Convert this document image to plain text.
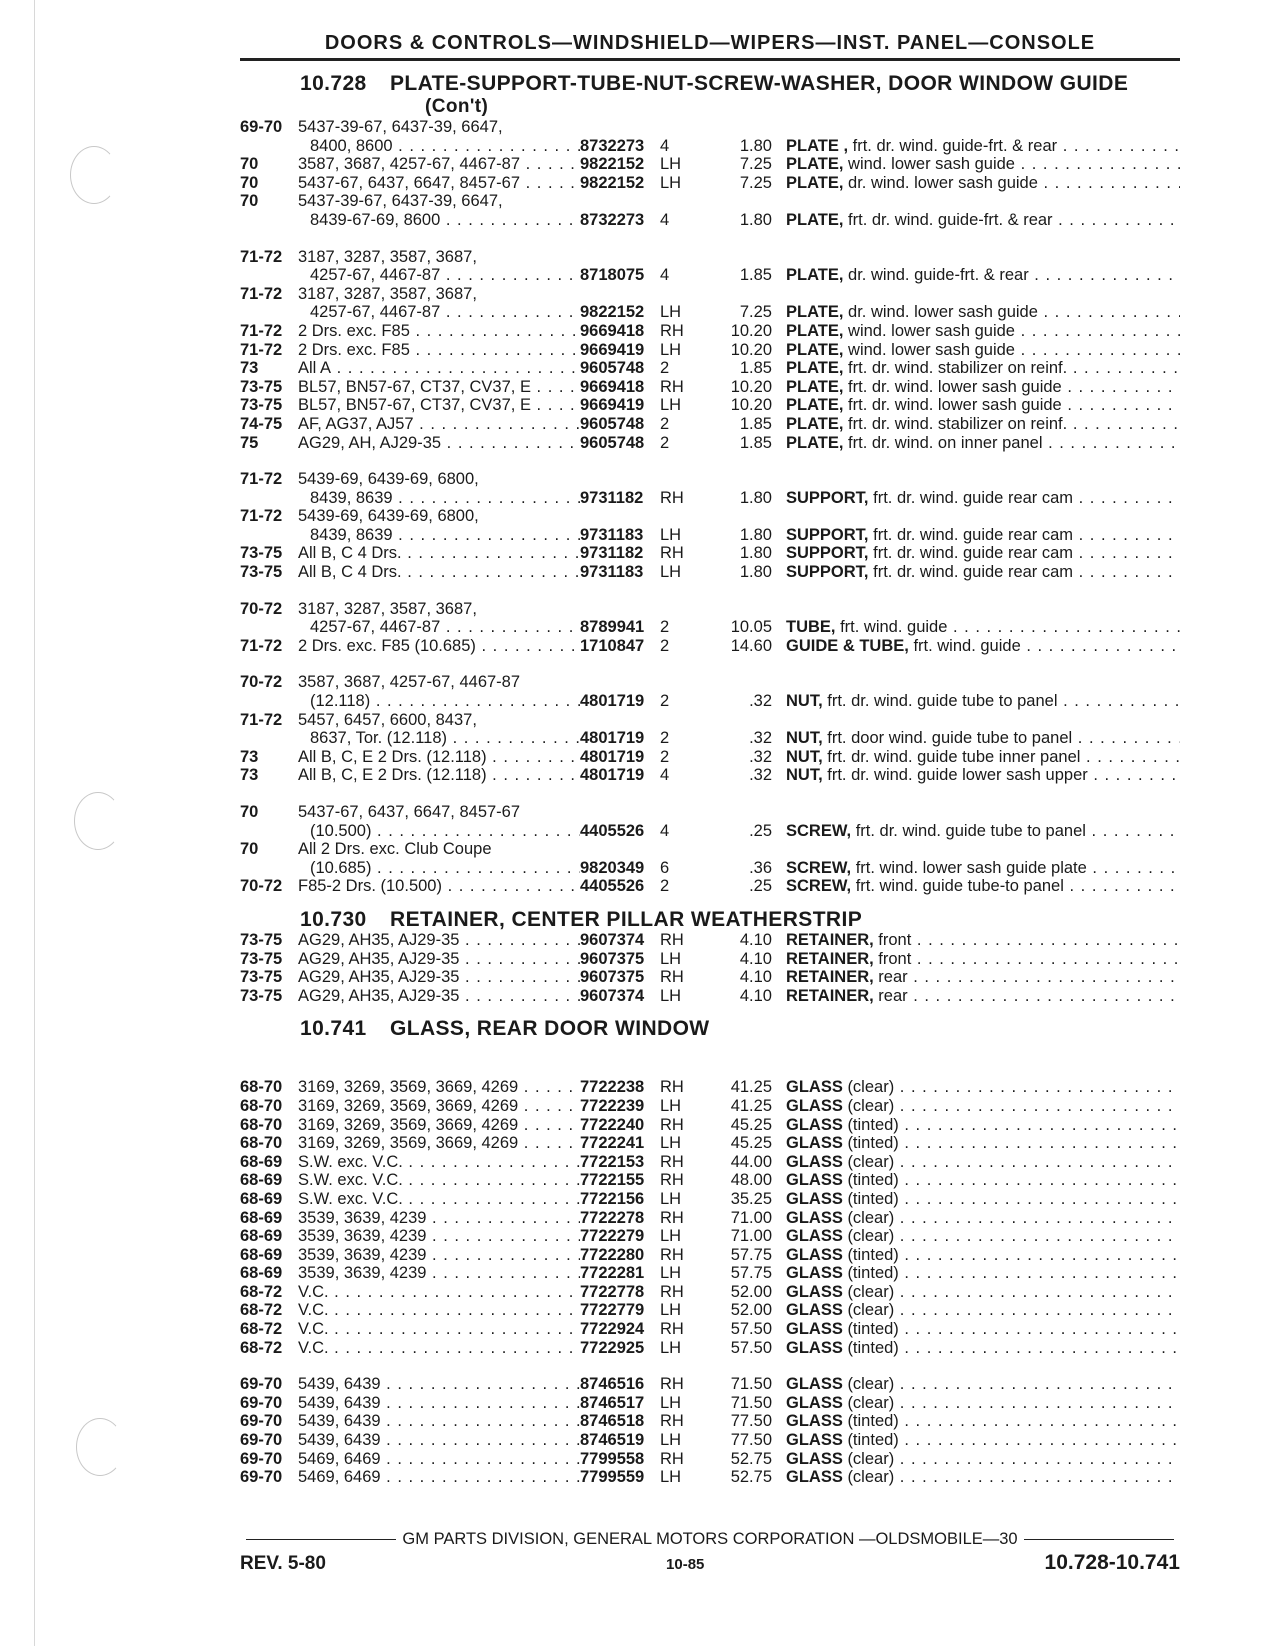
DOORS & CONTROLS—WINDSHIELD—WIPERS—INST. PANEL—CONSOLE
10.728 PLATE-SUPPORT-TUBE-NUT-SCREW-WASHER, DOOR WINDOW GUIDE
(Con't)
69-70 5437-39-67, 6437-39, 6647,
8400, 8600 . . .	8732273 4	1.80 PLATE , frt. dr. wind. guide-frt. & rear . . .
70	3587, 3687, 4257-67, 4467-87 . . .	9822152 LH	7.25 PLATE, wind. lower sash guide . . .
70	5437-67, 6437, 6647, 8457-67 . . .	9822152 LH	7.25 PLATE, dr. wind. lower sash guide . . .
70	5437-39-67, 6437-39, 6647,
8439-67-69, 8600 . . .	8732273 4	1.80 PLATE, frt. dr. wind. guide-frt. & rear . . .
71-72 3187, 3287, 3587, 3687,
4257-67, 4467-87 . . .	8718075 4	1.85 PLATE, dr. wind. guide-frt. & rear . . .
71-72 3187, 3287, 3587, 3687,
4257-67, 4467-87 . . .	9822152 LH	7.25 PLATE, dr. wind. lower sash guide . . .
71-72 2 Drs. exc. F85 . . .	9669418 RH	10.20 PLATE, wind. lower sash guide . . .
71-72 2 Drs. exc. F85 . . .	9669419 LH	10.20 PLATE, wind. lower sash guide . . .
73	All A . . .	9605748 2	1.85 PLATE, frt. dr. wind. stabilizer on reinf. . . .
73-75 BL57, BN57-67, CT37, CV37, E . . .	9669418 RH	10.20 PLATE, frt. dr. wind. lower sash guide . . .
73-75 BL57, BN57-67, CT37, CV37, E . . .	9669419 LH	10.20 PLATE, frt. dr. wind. lower sash guide . . .
74-75 AF, AG37, AJ57 . . .	9605748 2	1.85 PLATE, frt. dr. wind. stabilizer on reinf. . . .
75	AG29, AH, AJ29-35 . . .	9605748 2	1.85 PLATE, frt. dr. wind. on inner panel . . .
71-72 5439-69, 6439-69, 6800,
8439, 8639 . . .	9731182	RH	1.80 SUPPORT, frt. dr. wind. guide rear cam . . .
71-72 5439-69, 6439-69, 6800,
8439, 8639 . . .	9731183	LH	1.80 SUPPORT, frt. dr. wind. guide rear cam . . .
73-75 All B, C 4 Drs. . . .	9731182	RH	1.80 SUPPORT, frt. dr. wind. guide rear cam . . .
73-75 All B, C 4 Drs. . . .	9731183	LH	1.80 SUPPORT, frt. dr. wind. guide rear cam . . .
70-72 3187, 3287, 3587, 3687,
4257-67, 4467-87 . . .	8789941 2	10.05 TUBE, frt. wind. guide . . .
71-72 2 Drs. exc. F85 (10.685) . . .	1710847 2	14.60 GUIDE & TUBE, frt. wind. guide . . .
70-72 3587, 3687, 4257-67, 4467-87
(12.118) . . .	4801719 2	.32 NUT, frt. dr. wind. guide tube to panel . . .
71-72 5457, 6457, 6600, 8437,
8637, Tor. (12.118) . . .	4801719 2	.32 NUT, frt. door wind. guide tube to panel . . .
73	All B, C, E 2 Drs. (12.118) . . .	4801719 2	.32 NUT, frt. dr. wind. guide tube inner panel . . .
73	All B, C, E 2 Drs. (12.118) . . .	4801719 4	.32 NUT, frt. dr. wind. guide lower sash upper . . .
70	5437-67, 6437, 6647, 8457-67
(10.500) . . .	4405526 4	.25 SCREW, frt. dr. wind. guide tube to panel . . .
70	All 2 Drs. exc. Club Coupe
(10.685) . . .	9820349 6	.36 SCREW, frt. wind. lower sash guide plate . . .
70-72 F85-2 Drs. (10.500) . . .	4405526 2	.25 SCREW, frt. wind. guide tube-to panel . . .
10.730 RETAINER, CENTER PILLAR WEATHERSTRIP
73-75 AG29, AH35, AJ29-35 . . .	9607374 RH	4.10 RETAINER, front . . .
73-75 AG29, AH35, AJ29-35 . . .	9607375 LH	4.10 RETAINER, front . . .
73-75 AG29, AH35, AJ29-35 . . .	9607375 RH	4.10 RETAINER, rear . . .
73-75 AG29, AH35, AJ29-35 . . .	9607374 LH	4.10 RETAINER, rear . . .
10.741 GLASS, REAR DOOR WINDOW
68-70 3169, 3269, 3569, 3669, 4269 . . .	7722238 RH	41.25 GLASS (clear) . . .
68-70 3169, 3269, 3569, 3669, 4269 . . .	7722239 LH	41.25 GLASS (clear) . . .
68-70 3169, 3269, 3569, 3669, 4269 . . .	7722240 RH	45.25 GLASS (tinted) . . .
68-70 3169, 3269, 3569, 3669, 4269 . . .	7722241 LH	45.25 GLASS (tinted) . . .
68-69 S.W. exc. V.C. . . .	7722153 RH	44.00 GLASS (clear) . . .
68-69 S.W. exc. V.C. . . .	7722155 RH	48.00 GLASS (tinted) . . .
68-69 S.W. exc. V.C. . . .	7722156 LH	35.25 GLASS (tinted) . . .
68-69 3539, 3639, 4239 . . .	7722278 RH	71.00 GLASS (clear) . . .
68-69 3539, 3639, 4239 . . .	7722279 LH	71.00 GLASS (clear) . . .
68-69 3539, 3639, 4239 . . .	7722280 RH	57.75 GLASS (tinted) . . .
68-69 3539, 3639, 4239 . . .	7722281 LH	57.75 GLASS (tinted) . . .
68-72 V.C. . . .	7722778 RH	52.00 GLASS (clear) . . .
68-72 V.C. . . .	7722779 LH	52.00 GLASS (clear) . . .
68-72 V.C. . . .	7722924 RH	57.50 GLASS (tinted) . . .
68-72 V.C. . . .	7722925 LH	57.50 GLASS (tinted) . . .
69-70 5439, 6439 . . .	8746516 RH	71.50 GLASS (clear) . . .
69-70 5439, 6439 . . .	8746517 LH	71.50 GLASS (clear) . . .
69-70 5439, 6439 . . .	8746518 RH	77.50 GLASS (tinted) . . .
69-70 5439, 6439 . . .	8746519 LH	77.50 GLASS (tinted) . . .
69-70 5469, 6469 . . .	7799558 RH	52.75 GLASS (clear) . . .
69-70 5469, 6469 . . .	7799559 LH	52.75 GLASS (clear) . . .
GM PARTS DIVISION, GENERAL MOTORS CORPORATION —OLDSMOBILE—30
REV. 5-80	10-85	10.728-10.741
